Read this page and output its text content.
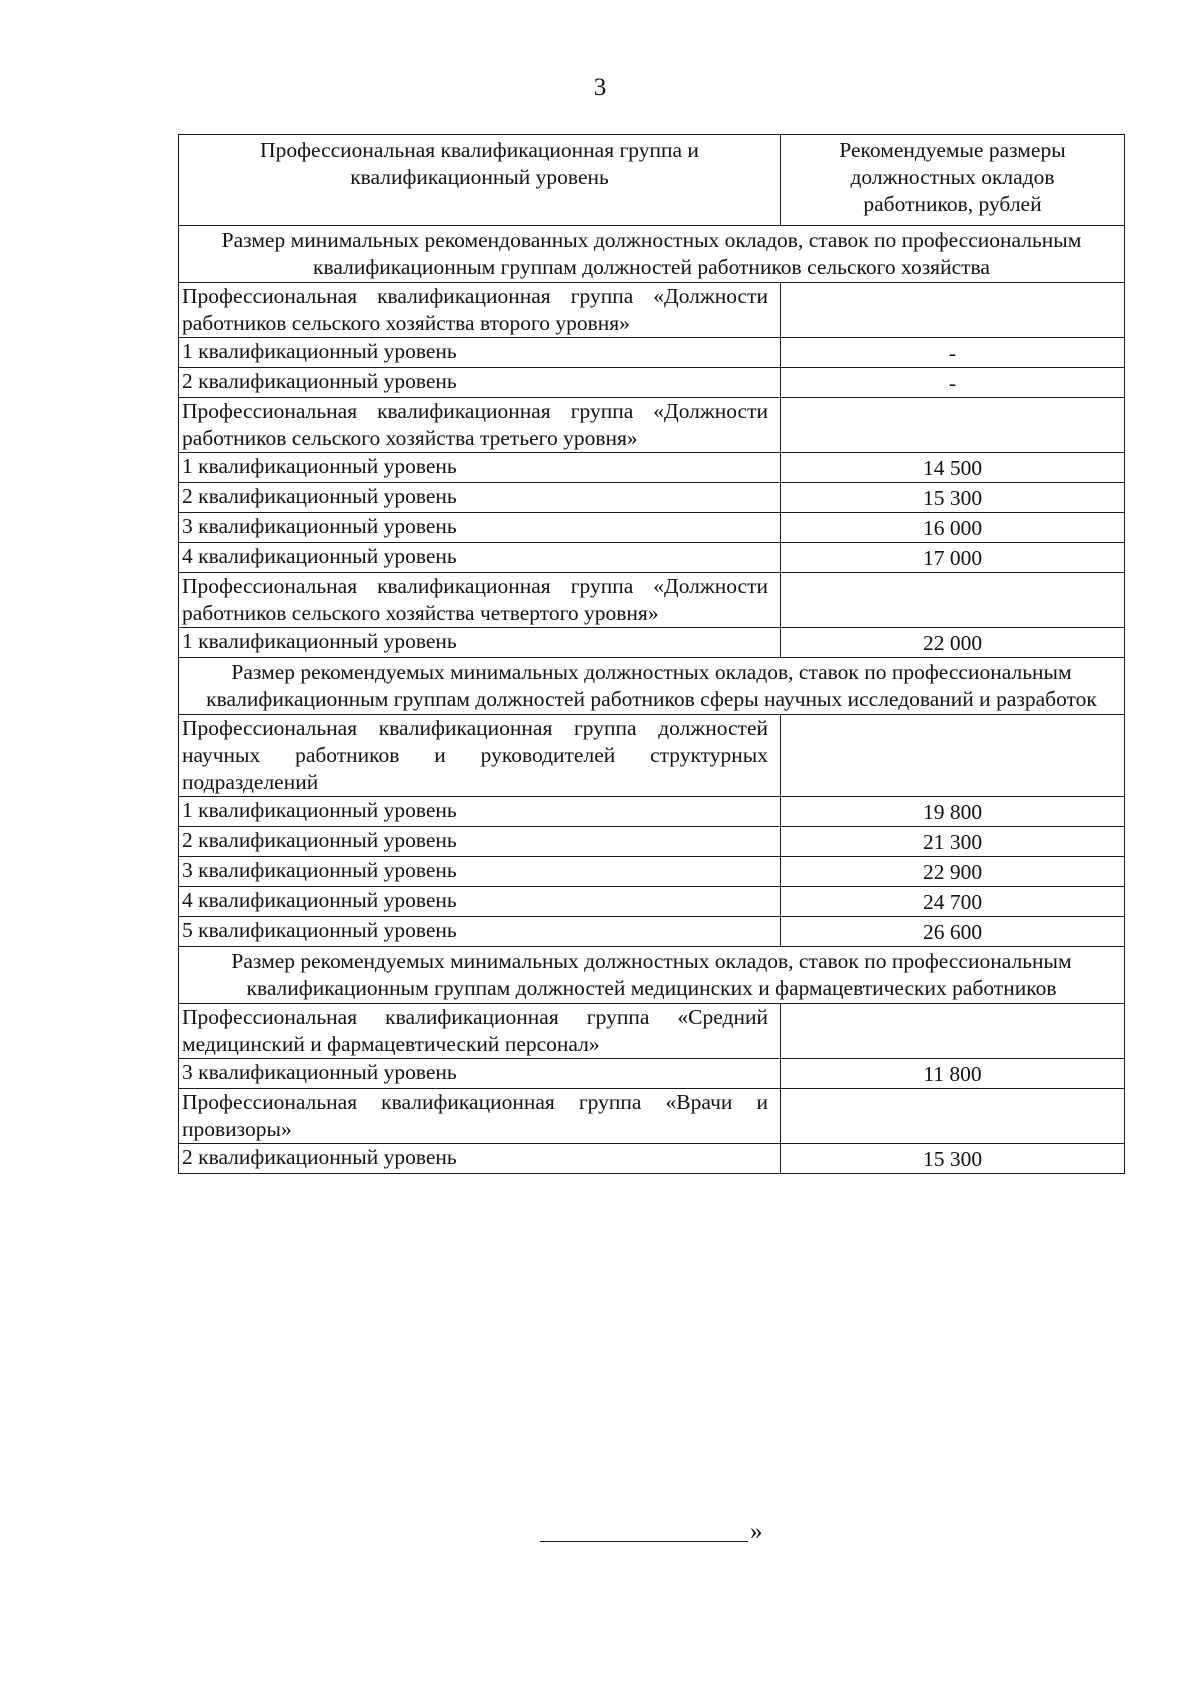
3
Профессиональная квалификационная группа и квалификационный уровень	Рекомендуемые размеры должностных окладов работников, рублей
Размер минимальных рекомендованных должностных окладов, ставок по профессиональным квалификационным группам должностей работников сельского хозяйства	
Профессиональная квалификационная группа «Должности работников сельского хозяйства второго уровня»	
1 квалификационный уровень	-
2 квалификационный уровень	-
Профессиональная квалификационная группа «Должности работников сельского хозяйства третьего уровня»	
1 квалификационный уровень	14 500
2 квалификационный уровень	15 300
3 квалификационный уровень	16 000
4 квалификационный уровень	17 000
Профессиональная квалификационная группа «Должности работников сельского хозяйства четвертого уровня»	
1 квалификационный уровень	22 000
Размер рекомендуемых минимальных должностных окладов, ставок по профессиональным квалификационным группам должностей работников сферы научных исследований и разработок	
Профессиональная квалификационная группа должностей научных работников и руководителей структурных подразделений	
1 квалификационный уровень	19 800
2 квалификационный уровень	21 300
3 квалификационный уровень	22 900
4 квалификационный уровень	24 700
5 квалификационный уровень	26 600
Размер рекомендуемых минимальных должностных окладов, ставок по профессиональным квалификационным группам должностей медицинских и фармацевтических работников	
Профессиональная квалификационная группа «Средний медицинский и фармацевтический персонал»	
3 квалификационный уровень	11 800
Профессиональная квалификационная группа «Врачи и провизоры»	
2 квалификационный уровень	15 300
»
